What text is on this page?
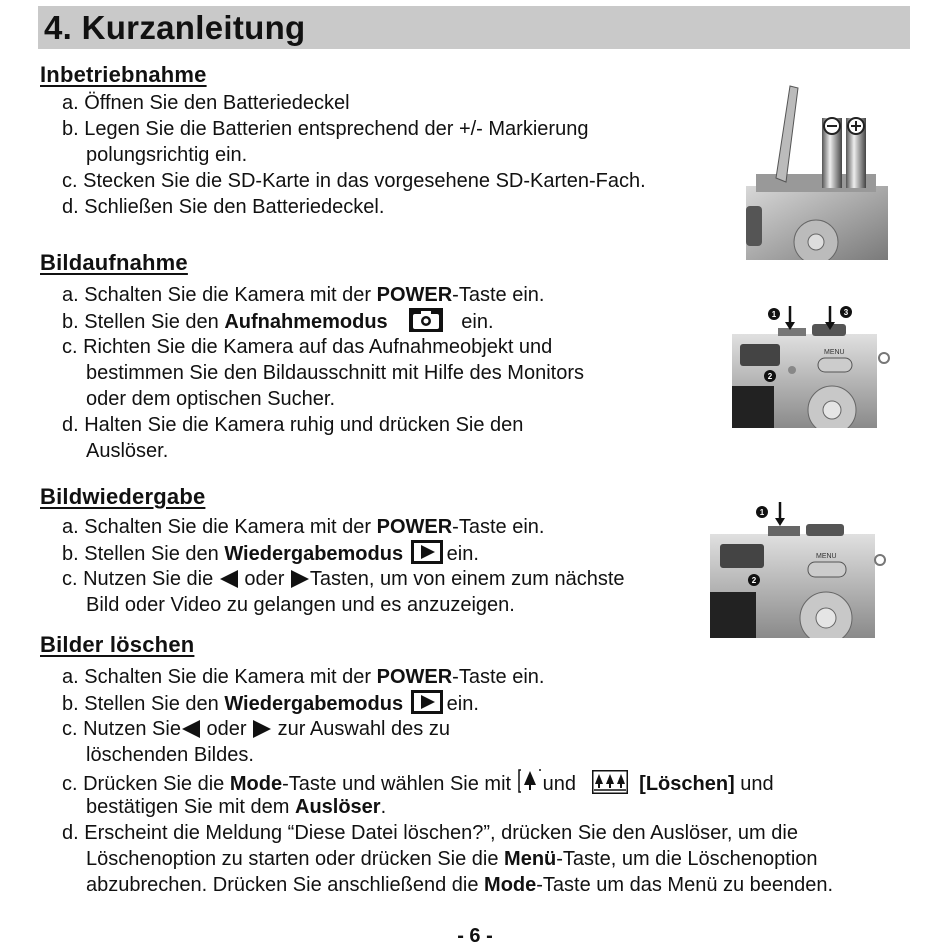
4. Kurzanleitung
Inbetriebnahme
a. Öffnen Sie den Batteriedeckel
b. Legen Sie die Batterien entsprechend der +/- Markierung
polungsrichtig ein.
c. Stecken Sie die SD-Karte in das vorgesehene SD-Karten-Fach.
d. Schließen Sie den Batteriedeckel.
Bildaufnahme
a. Schalten Sie die Kamera mit der POWER-Taste ein.
b. Stellen Sie den Aufnahmemodus	ein.
c. Richten Sie die Kamera auf das Aufnahmeobjekt und
bestimmen Sie den Bildausschnitt mit Hilfe des Monitors
oder dem optischen Sucher.
d. Halten Sie die Kamera ruhig und drücken Sie den
Auslöser.
MENU
1	3
2
Bildwiedergabe
a. Schalten Sie die Kamera mit der POWER-Taste ein.
b. Stellen Sie den Wiedergabemodus ein.
c. Nutzen Sie die oder Tasten, um von einem zum nächste
Bild oder Video zu gelangen und es anzuzeigen.
MENU
1
2
Bilder löschen
a. Schalten Sie die Kamera mit der POWER-Taste ein.
b. Stellen Sie den Wiedergabemodus ein.
c. Nutzen Sie oder zur Auswahl des zu
löschenden Bildes.
c. Drücken Sie die Mode-Taste und wählen Sie mit und	[Löschen] und
bestätigen Sie mit dem Auslöser.
d. Erscheint die Meldung “Diese Datei löschen?”, drücken Sie den Auslöser, um die
Löschenoption zu starten oder drücken Sie die Menü-Taste, um die Löschenoption
abzubrechen. Drücken Sie anschließend die Mode-Taste um das Menü zu beenden.
- 6 -
